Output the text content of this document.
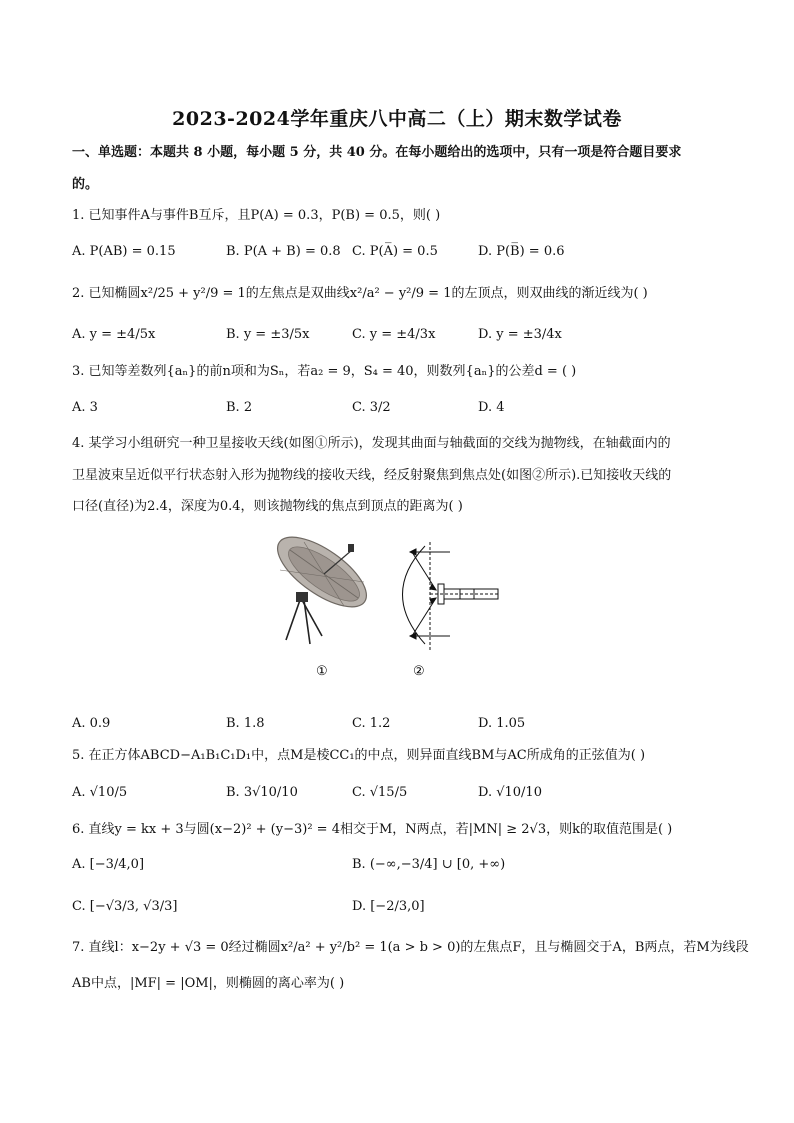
2023-2024学年重庆八中高二（上）期末数学试卷
一、单选题：本题共 8 小题，每小题 5 分，共 40 分。在每小题给出的选项中，只有一项是符合题目要求
的。
1. 已知事件A与事件B互斥，且P(A) = 0.3，P(B) = 0.5，则( )
A. P(AB) = 0.15	B. P(A + B) = 0.8 C. P(A̅) = 0.5	D. P(B̅) = 0.6
2. 已知椭圆x²/25 + y²/9 = 1的左焦点是双曲线x²/a² − y²/9 = 1的左顶点，则双曲线的渐近线为( )
A. y = ±4/5x	B. y = ±3/5x	C. y = ±4/3x	D. y = ±3/4x
3. 已知等差数列{aₙ}的前n项和为Sₙ，若a₂ = 9，S₄ = 40，则数列{aₙ}的公差d = ( )
A. 3	B. 2	C. 3/2	D. 4
4. 某学习小组研究一种卫星接收天线(如图①所示)，发现其曲面与轴截面的交线为抛物线，在轴截面内的
卫星波束呈近似平行状态射入形为抛物线的接收天线，经反射聚焦到焦点处(如图②所示).已知接收天线的
口径(直径)为2.4，深度为0.4，则该抛物线的焦点到顶点的距离为( )
①	②
A. 0.9	B. 1.8	C. 1.2	D. 1.05
5. 在正方体ABCD−A₁B₁C₁D₁中，点M是棱CC₁的中点，则异面直线BM与AC所成角的正弦值为( )
A. √10/5	B. 3√10/10	C. √15/5	D. √10/10
6. 直线y = kx + 3与圆(x−2)² + (y−3)² = 4相交于M，N两点，若|MN| ≥ 2√3，则k的取值范围是( )
A. [−3/4,0]	B. (−∞,−3/4] ∪ [0, +∞)
C. [−√3/3, √3/3]	D. [−2/3,0]
7. 直线l：x−2y + √3 = 0经过椭圆x²/a² + y²/b² = 1(a > b > 0)的左焦点F，且与椭圆交于A，B两点，若M为线段
AB中点，|MF| = |OM|，则椭圆的离心率为( )
